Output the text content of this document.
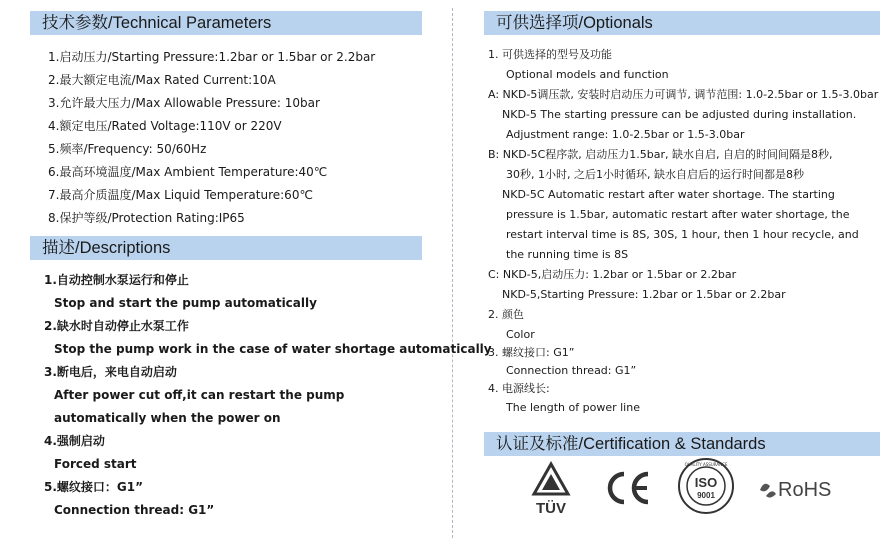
技术参数/Technical Parameters
1.启动压力/Starting Pressure:1.2bar or 1.5bar or 2.2bar
2.最大额定电流/Max Rated Current:10A
3.允许最大压力/Max Allowable Pressure: 10bar
4.额定电压/Rated Voltage:110V or 220V
5.频率/Frequency: 50/60Hz
6.最高环境温度/Max Ambient Temperature:40℃
7.最高介质温度/Max Liquid Temperature:60℃
8.保护等级/Protection Rating:IP65
描述/Descriptions
1.自动控制水泵运行和停止
Stop and start the pump automatically
2.缺水时自动停止水泵工作
Stop the pump work in the case of water shortage automatically
3.断电后，来电自动启动
After power cut off,it can restart the pump
automatically when the power on
4.强制启动
Forced start
5.螺纹接口：G1”
Connection thread: G1”
可供选择项/Optionals
1. 可供选择的型号及功能
Optional models and function
A: NKD-5调压款, 安装时启动压力可调节, 调节范围: 1.0-2.5bar or 1.5-3.0bar
NKD-5 The starting pressure can be adjusted during installation.
Adjustment range: 1.0-2.5bar or 1.5-3.0bar
B: NKD-5C程序款, 启动压力1.5bar, 缺水自启, 自启的时间间隔是8秒,
30秒, 1小时, 之后1小时循环, 缺水自启后的运行时间都是8秒
NKD-5C Automatic restart after water shortage. The starting
pressure is 1.5bar, automatic restart after water shortage, the
restart interval time is 8S, 30S, 1 hour, then 1 hour recycle, and
the running time is 8S
C: NKD-5,启动压力: 1.2bar or 1.5bar or 2.2bar
NKD-5,Starting Pressure: 1.2bar or 1.5bar or 2.2bar
2. 颜色
Color
3. 螺纹接口: G1”
Connection thread: G1”
4. 电源线长:
The length of power line
认证及标准/Certification & Standards
TÜV
QUALITY ASSURANCE
ISO
9001	RoHS
